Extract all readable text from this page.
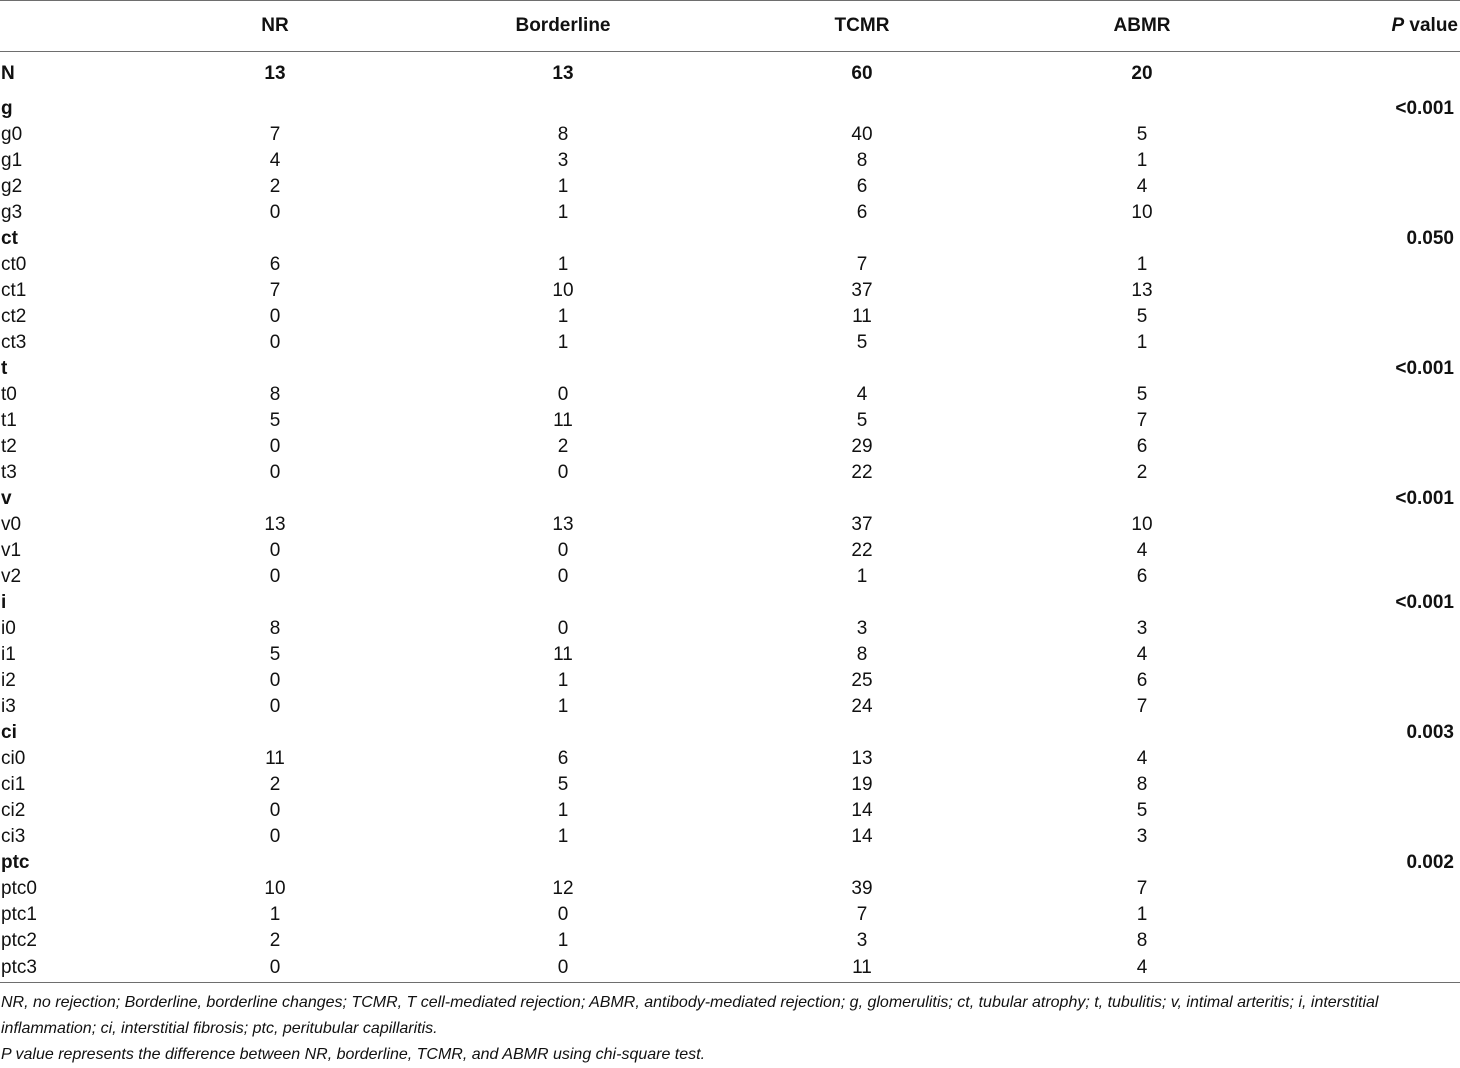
	NR	Borderline	TCMR	ABMR	P value
N	13	13	60	20	
g					<0.001
g0	7	8	40	5	
g1	4	3	8	1	
g2	2	1	6	4	
g3	0	1	6	10	
ct					0.050
ct0	6	1	7	1	
ct1	7	10	37	13	
ct2	0	1	11	5	
ct3	0	1	5	1	
t					<0.001
t0	8	0	4	5	
t1	5	11	5	7	
t2	0	2	29	6	
t3	0	0	22	2	
v					<0.001
v0	13	13	37	10	
v1	0	0	22	4	
v2	0	0	1	6	
i					<0.001
i0	8	0	3	3	
i1	5	11	8	4	
i2	0	1	25	6	
i3	0	1	24	7	
ci					0.003
ci0	11	6	13	4	
ci1	2	5	19	8	
ci2	0	1	14	5	
ci3	0	1	14	3	
ptc					0.002
ptc0	10	12	39	7	
ptc1	1	0	7	1	
ptc2	2	1	3	8	
ptc3	0	0	11	4	

NR, no rejection; Borderline, borderline changes; TCMR, T cell-mediated rejection; ABMR, antibody-mediated rejection; g, glomerulitis; ct, tubular atrophy; t, tubulitis; v, intimal arteritis; i, interstitial inflammation; ci, interstitial fibrosis; ptc, peritubular capillaritis.

P value represents the difference between NR, borderline, TCMR, and ABMR using chi-square test.
